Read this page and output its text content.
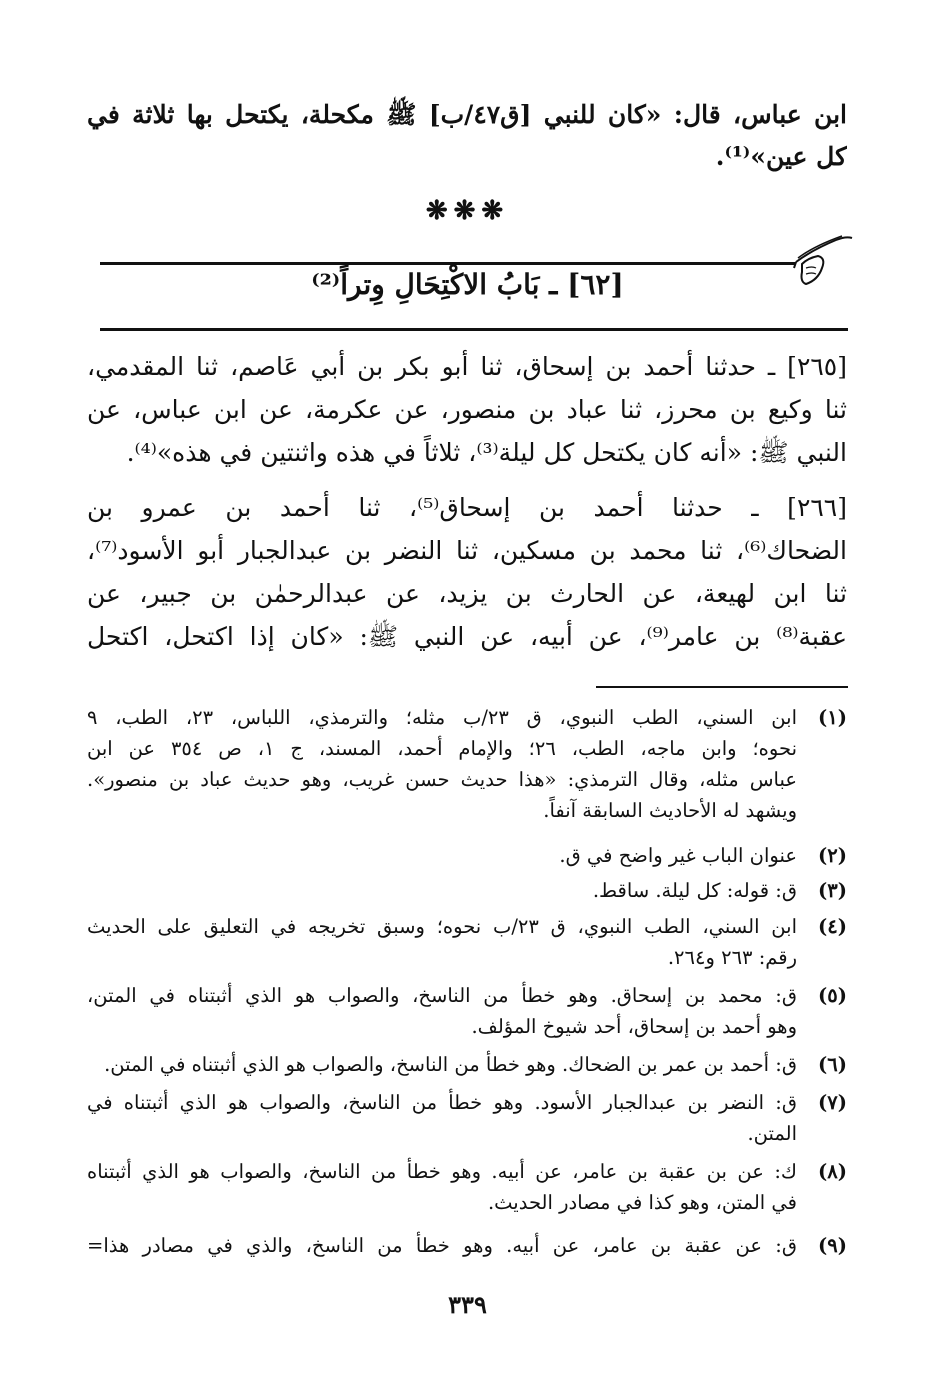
ابن عباس، قال: «كان للنبي [ق٤٧/ب] ﷺ مكحلة، يكتحل بها ثلاثة في
كل عين»⁽¹⁾.
❋❋❋
[٦٢] ـ بَابُ الاكْتِحَالِ وِتراً⁽²⁾
[٢٦٥] ـ حدثنا أحمد بن إسحاق، ثنا أبو بكر بن أبي عَاصم، ثنا المقدمي،
ثنا وكيع بن محرز، ثنا عباد بن منصور، عن عكرمة، عن ابن عباس، عن
النبي ﷺ: «أنه كان يكتحل كل ليلة⁽³⁾، ثلاثاً في هذه واثنتين في هذه»⁽⁴⁾.
[٢٦٦] ـ حدثنا أحمد بن إسحاق⁽⁵⁾، ثنا أحمد بن عمرو بن
الضحاك⁽⁶⁾، ثنا محمد بن مسكين، ثنا النضر بن عبدالجبار أبو الأسود⁽⁷⁾،
ثنا ابن لهيعة، عن الحارث بن يزيد، عن عبدالرحمٰن بن جبير، عن
عقبة⁽⁸⁾ بن عامر⁽⁹⁾، عن أبيه، عن النبي ﷺ: «كان إذا اكتحل، اكتحل
(١)
ابن السني، الطب النبوي، ق ٢٣/ب مثله؛ والترمذي، اللباس، ٢٣، الطب، ٩
نحوه؛ وابن ماجه، الطب، ٢٦؛ والإمام أحمد، المسند، ج ١، ص ٣٥٤ عن ابن
عباس مثله، وقال الترمذي: «هذا حديث حسن غريب، وهو حديث عباد بن منصور».
ويشهد له الأحاديث السابقة آنفاً.
(٢)
عنوان الباب غير واضح في ق.
(٣)
ق: قوله: كل ليلة. ساقط.
(٤)
ابن السني، الطب النبوي، ق ٢٣/ب نحوه؛ وسبق تخريجه في التعليق على الحديث
رقم: ٢٦٣ و٢٦٤.
(٥)
ق: محمد بن إسحاق. وهو خطأ من الناسخ، والصواب هو الذي أثبتناه في المتن،
وهو أحمد بن إسحاق، أحد شيوخ المؤلف.
(٦)
ق: أحمد بن عمر بن الضحاك. وهو خطأ من الناسخ، والصواب هو الذي أثبتناه في المتن.
(٧)
ق: النضر بن عبدالجبار الأسود. وهو خطأ من الناسخ، والصواب هو الذي أثبتناه في
المتن.
(٨)
ك: عن بن عقبة بن عامر، عن أبيه. وهو خطأ من الناسخ، والصواب هو الذي أثبتناه
في المتن، وهو كذا في مصادر الحديث.
(٩)
ق: عن عقبة بن عامر، عن أبيه. وهو خطأ من الناسخ، والذي في مصادر هذا=
٣٣٩
